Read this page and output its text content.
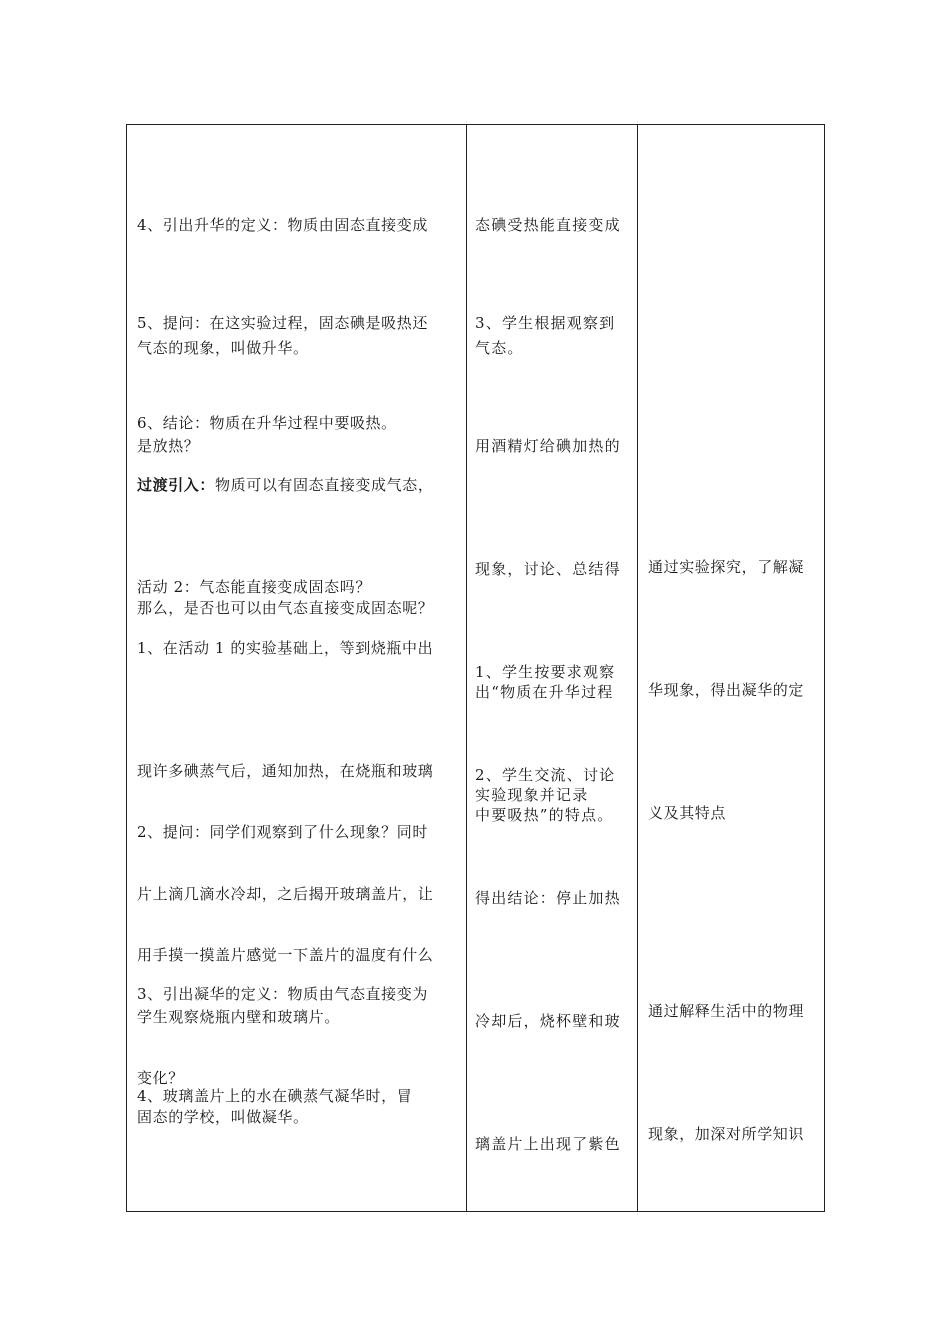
4、引出升华的定义：物质由固态直接变成

气态的现象，叫做升华。

5、提问：在这实验过程，固态碘是吸热还

是放热？

6、结论：物质在升华过程中要吸热。

过渡引入：物质可以有固态直接变成气态，

那么，是否也可以由气态直接变成固态呢？

活动 2：气态能直接变成固态吗？

1、在活动 1 的实验基础上，等到烧瓶中出

现许多碘蒸气后，通知加热，在烧瓶和玻璃

片上滴几滴水冷却，之后揭开玻璃盖片，让

学生观察烧瓶内壁和玻璃片。

2、提问：同学们观察到了什么现象？同时

用手摸一摸盖片感觉一下盖片的温度有什么

变化？

3、引出凝华的定义：物质由气态直接变为

固态的学校，叫做凝华。

4、玻璃盖片上的水在碘蒸气凝华时，冒

态碘受热能直接变成

气态。

3、学生根据观察到

用酒精灯给碘加热的

现象，讨论、总结得

出“物质在升华过程

中要吸热”的特点。

1、学生按要求观察

实验现象并记录

2、学生交流、讨论

得出结论：停止加热

冷却后，烧杯壁和玻

璃盖片上出现了紫色

通过实验探究，了解凝

华现象，得出凝华的定

义及其特点

通过解释生活中的物理

现象，加深对所学知识
